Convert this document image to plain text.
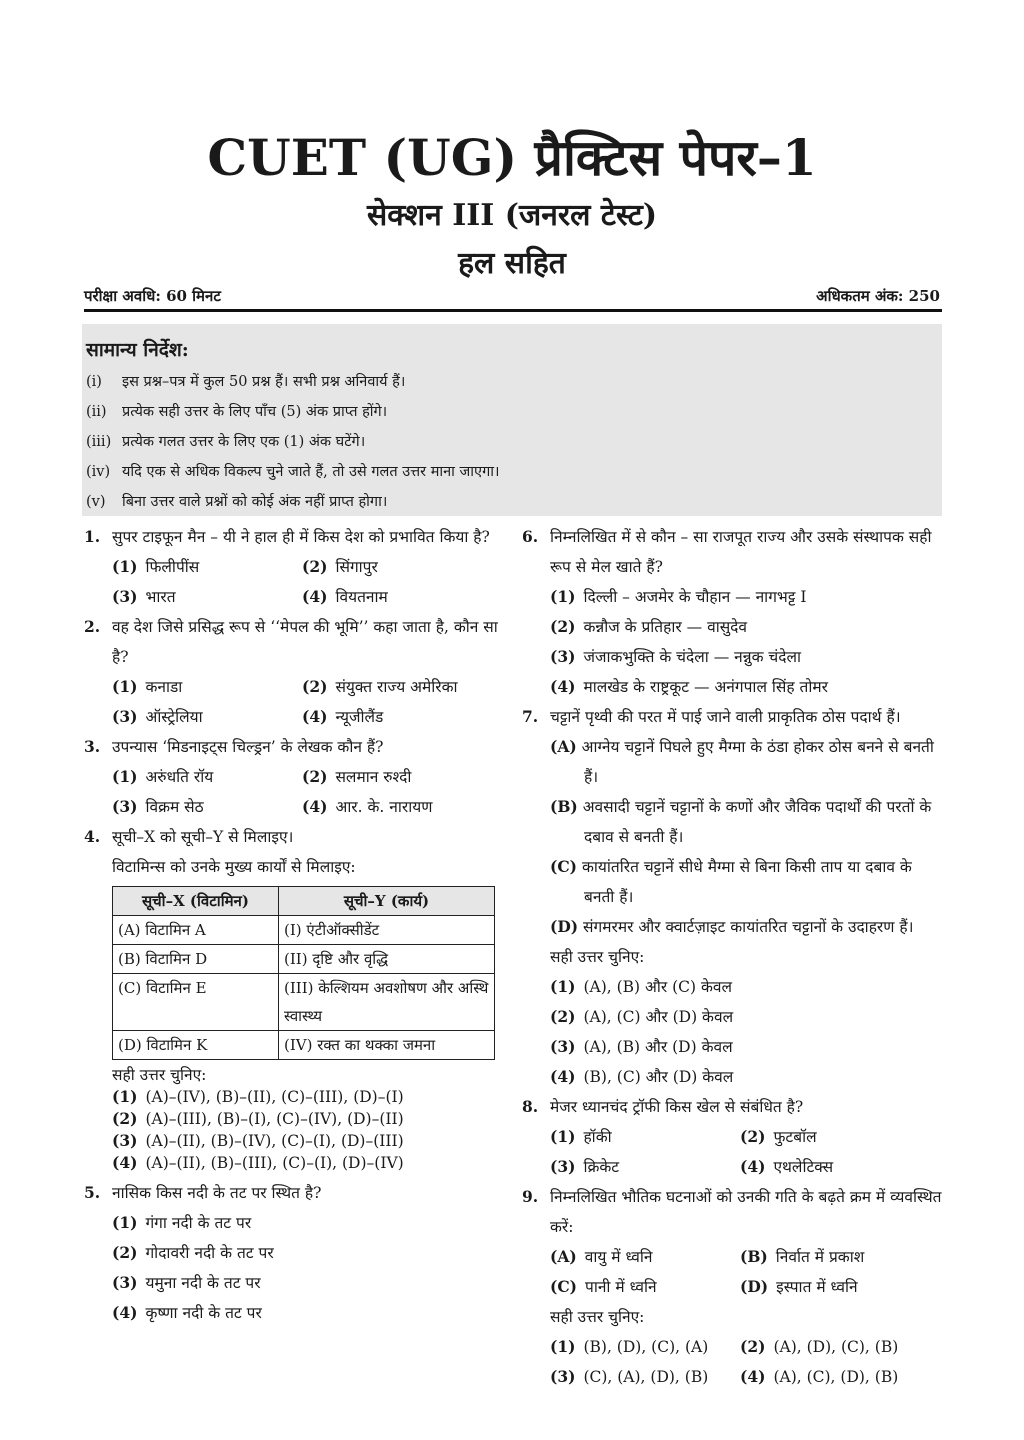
CUET (UG) प्रैक्टिस पेपर–1
सेक्शन III (जनरल टेस्ट)
हल सहित
परीक्षा अवधि: 60 मिनट	अधिकतम अंक: 250
सामान्य निर्देश:
(i) इस प्रश्न–पत्र में कुल 50 प्रश्न हैं। सभी प्रश्न अनिवार्य हैं।
(ii) प्रत्येक सही उत्तर के लिए पाँच (5) अंक प्राप्त होंगे।
(iii) प्रत्येक गलत उत्तर के लिए एक (1) अंक घटेंगे।
(iv) यदि एक से अधिक विकल्प चुने जाते हैं, तो उसे गलत उत्तर माना जाएगा।
(v) बिना उत्तर वाले प्रश्नों को कोई अंक नहीं प्राप्त होगा।
1. सुपर टाइफून मैन – यी ने हाल ही में किस देश को प्रभावित किया है?
(1) फिलीपींस	(2) सिंगापुर
(3) भारत	(4) वियतनाम
2. वह देश जिसे प्रसिद्ध रूप से ‘‘मेपल की भूमि’’ कहा जाता है, कौन सा है?
(1) कनाडा	(2) संयुक्त राज्य अमेरिका
(3) ऑस्ट्रेलिया	(4) न्यूजीलैंड
3. उपन्यास ‘मिडनाइट्स चिल्ड्रन’ के लेखक कौन हैं?
(1) अरुंधति रॉय	(2) सलमान रुश्दी
(3) विक्रम सेठ	(4) आर. के. नारायण
4. सूची–X को सूची–Y से मिलाइए।
विटामिन्स को उनके मुख्य कार्यों से मिलाइए:
सूची–X (विटामिन)	सूची–Y (कार्य)
(A) विटामिन A	(I) एंटीऑक्सीडेंट
(B) विटामिन D	(II) दृष्टि और वृद्धि
(C) विटामिन E	(III) केल्शियम अवशोषण और अस्थि स्वास्थ्य
(D) विटामिन K	(IV) रक्त का थक्का जमना
सही उत्तर चुनिए:
(1) (A)–(IV), (B)–(II), (C)–(III), (D)–(I)
(2) (A)–(III), (B)–(I), (C)–(IV), (D)–(II)
(3) (A)–(II), (B)–(IV), (C)–(I), (D)–(III)
(4) (A)–(II), (B)–(III), (C)–(I), (D)–(IV)
5. नासिक किस नदी के तट पर स्थित है?
(1) गंगा नदी के तट पर
(2) गोदावरी नदी के तट पर
(3) यमुना नदी के तट पर
(4) कृष्णा नदी के तट पर
6. निम्नलिखित में से कौन – सा राजपूत राज्य और उसके संस्थापक सही रूप से मेल खाते हैं?
(1) दिल्ली – अजमेर के चौहान — नागभट्ट I
(2) कन्नौज के प्रतिहार — वासुदेव
(3) जंजाकभुक्ति के चंदेला — नन्नुक चंदेला
(4) मालखेड के राष्ट्रकूट — अनंगपाल सिंह तोमर
7. चट्टानें पृथ्वी की परत में पाई जाने वाली प्राकृतिक ठोस पदार्थ हैं।
(A) आग्नेय चट्टानें पिघले हुए मैग्मा के ठंडा होकर ठोस बनने से बनती हैं।
(B) अवसादी चट्टानें चट्टानों के कणों और जैविक पदार्थों की परतों के दबाव से बनती हैं।
(C) कायांतरित चट्टानें सीधे मैग्मा से बिना किसी ताप या दबाव के बनती हैं।
(D) संगमरमर और क्वार्टज़ाइट कायांतरित चट्टानों के उदाहरण हैं।
सही उत्तर चुनिए:
(1) (A), (B) और (C) केवल
(2) (A), (C) और (D) केवल
(3) (A), (B) और (D) केवल
(4) (B), (C) और (D) केवल
8. मेजर ध्यानचंद ट्रॉफी किस खेल से संबंधित है?
(1) हॉकी	(2) फुटबॉल
(3) क्रिकेट	(4) एथलेटिक्स
9. निम्नलिखित भौतिक घटनाओं को उनकी गति के बढ़ते क्रम में व्यवस्थित करें:
(A) वायु में ध्वनि	(B) निर्वात में प्रकाश
(C) पानी में ध्वनि	(D) इस्पात में ध्वनि
सही उत्तर चुनिए:
(1) (B), (D), (C), (A)	(2) (A), (D), (C), (B)
(3) (C), (A), (D), (B)	(4) (A), (C), (D), (B)
